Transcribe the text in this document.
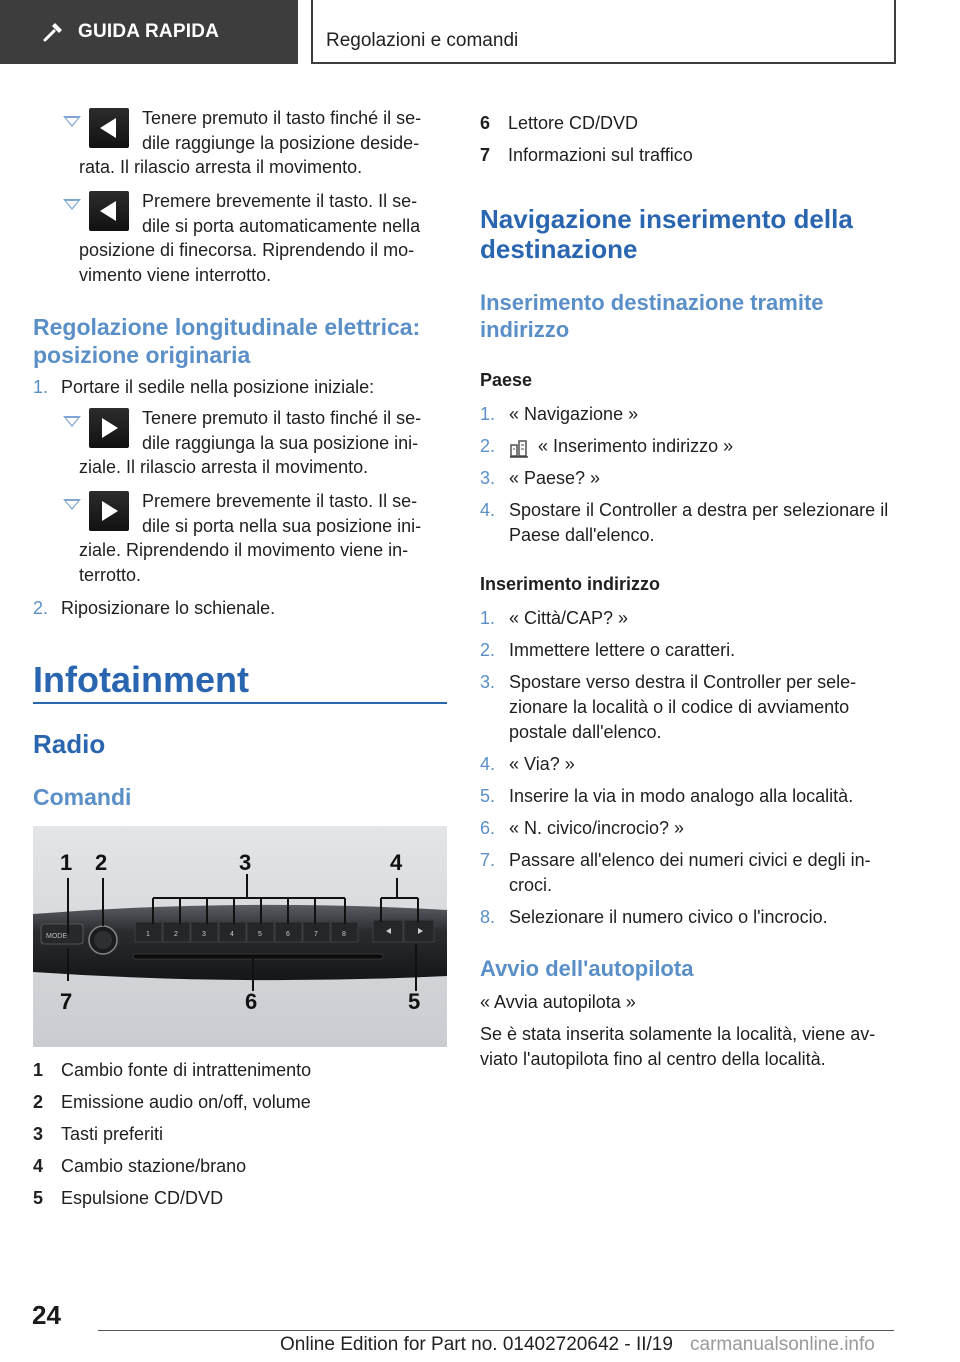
GUIDA RAPIDA	Regolazioni e comandi
Tenere premuto il tasto finché il se‐
dile raggiunge la posizione deside‐
rata. Il rilascio arresta il movimento.
Premere brevemente il tasto. Il se‐
dile si porta automaticamente nella
posizione di finecorsa. Riprendendo il mo‐ vimento viene interrotto.
Regolazione longitudinale elettrica: posizione originaria
1. Portare il sedile nella posizione iniziale:
Tenere premuto il tasto finché il se‐
dile raggiunga la sua posizione ini‐
ziale. Il rilascio arresta il movimento.
Premere brevemente il tasto. Il se‐
dile si porta nella sua posizione ini‐
ziale. Riprendendo il movimento viene in‐ terrotto.
2. Riposizionare lo schienale.
Infotainment
Radio
Comandi
MODE	1	2	3	4	5	6	7	8
1 2	3	4
7	6	5
1 Cambio fonte di intrattenimento
2 Emissione audio on/off, volume
3 Tasti preferiti
4 Cambio stazione/brano
5 Espulsione CD/DVD
6 Lettore CD/DVD
7 Informazioni sul traffico
Navigazione inserimento della destinazione
Inserimento destinazione tramite indirizzo
Paese
1. « Navigazione »
2.	« Inserimento indirizzo »
3. « Paese? »
4. Spostare il Controller a destra per selezionare il Paese dall'elenco.
Inserimento indirizzo
1. « Città/CAP? »
2. Immettere lettere o caratteri.
3. Spostare verso destra il Controller per sele‐ zionare la località o il codice di avviamento postale dall'elenco.
4. « Via? »
5. Inserire la via in modo analogo alla località.
6. « N. civico/incrocio? »
7. Passare all'elenco dei numeri civici e degli in‐ croci.
8. Selezionare il numero civico o l'incrocio.
Avvio dell'autopilota
« Avvia autopilota »
Se è stata inserita solamente la località, viene av‐ viato l'autopilota fino al centro della località.
24
Online Edition for Part no. 01402720642 - II/19 carmanualsonline.info
